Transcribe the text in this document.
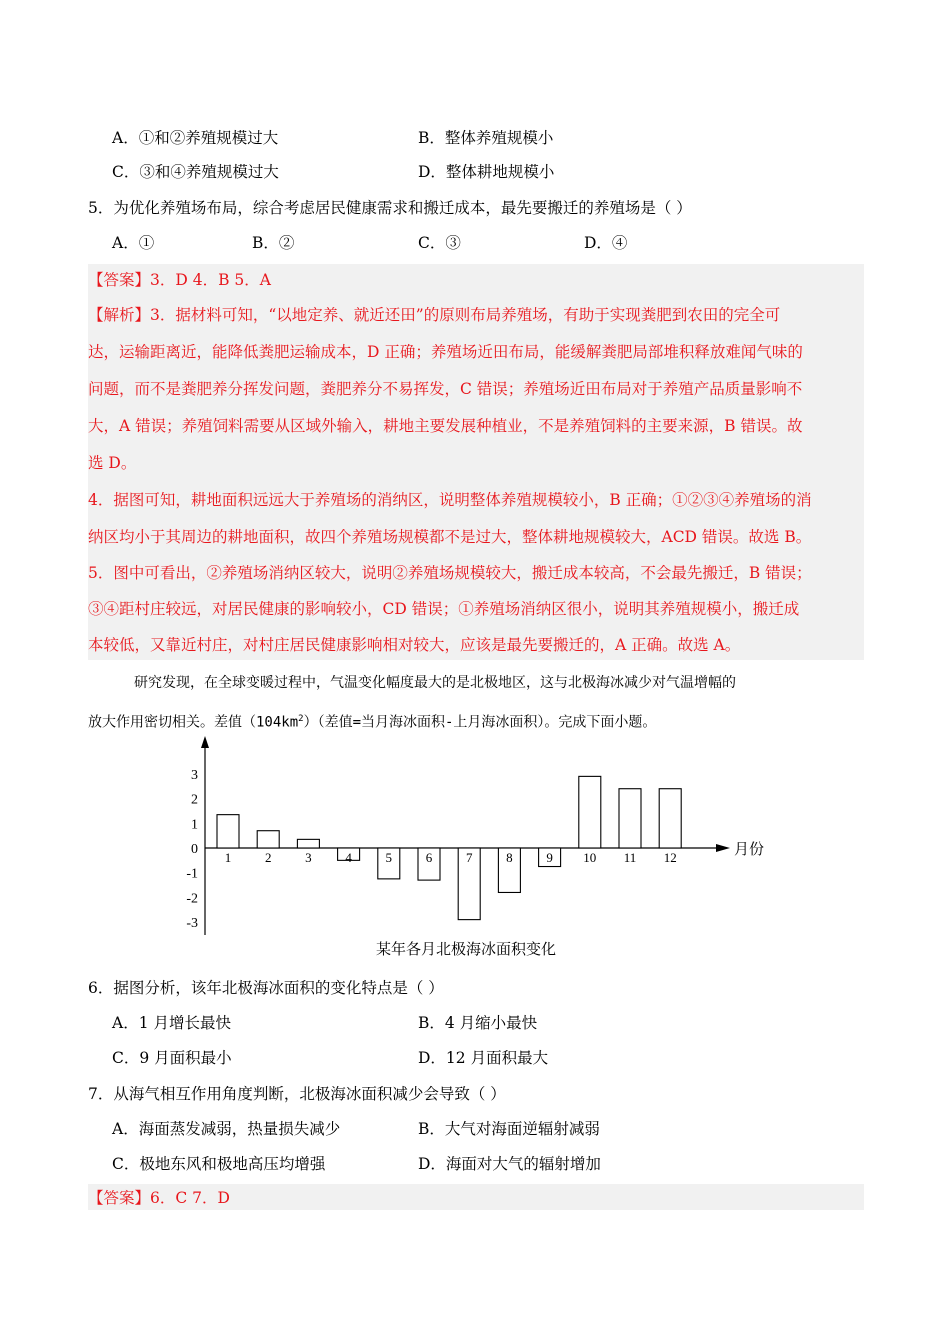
A．①和②养殖规模过大	B．整体养殖规模小
C．③和④养殖规模过大	D．整体耕地规模小
5．为优化养殖场布局，综合考虑居民健康需求和搬迁成本，最先要搬迁的养殖场是（ ）
A．①	B．②	C．③	D．④
【答案】3．D 4．B 5．A
【解析】3．据材料可知，“以地定养、就近还田”的原则布局养殖场，有助于实现粪肥到农田的完全可
达，运输距离近，能降低粪肥运输成本，D 正确；养殖场近田布局，能缓解粪肥局部堆积释放难闻气味的
问题，而不是粪肥养分挥发问题，粪肥养分不易挥发，C 错误；养殖场近田布局对于养殖产品质量影响不
大，A 错误；养殖饲料需要从区域外输入，耕地主要发展种植业，不是养殖饲料的主要来源，B 错误。故
选 D。
4．据图可知，耕地面积远远大于养殖场的消纳区，说明整体养殖规模较小，B 正确；①②③④养殖场的消
纳区均小于其周边的耕地面积，故四个养殖场规模都不是过大，整体耕地规模较大，ACD 错误。故选 B。
5．图中可看出，②养殖场消纳区较大，说明②养殖场规模较大，搬迁成本较高，不会最先搬迁，B 错误；
③④距村庄较远，对居民健康的影响较小，CD 错误；①养殖场消纳区很小，说明其养殖规模小，搬迁成
本较低，又靠近村庄，对村庄居民健康影响相对较大，应该是最先要搬迁的，A 正确。故选 A。
研究发现，在全球变暖过程中，气温变化幅度最大的是北极地区，这与北极海冰减少对气温增幅的
放大作用密切相关。差值$(104km^2)$（差值=当月海冰面积-上月海冰面积）。完成下面小题。
3
2
1
0
-1
-2
-3
1	2	3	4	5	6	7	8	9 10 11 12	月份
某年各月北极海冰面积变化
6．据图分析，该年北极海冰面积的变化特点是（ ）
A．1 月增长最快	B．4 月缩小最快
C．9 月面积最小	D．12 月面积最大
7．从海气相互作用角度判断，北极海冰面积减少会导致（ ）
A．海面蒸发减弱，热量损失减少	B．大气对海面逆辐射减弱
C．极地东风和极地高压均增强	D．海面对大气的辐射增加
【答案】6．C 7．D
